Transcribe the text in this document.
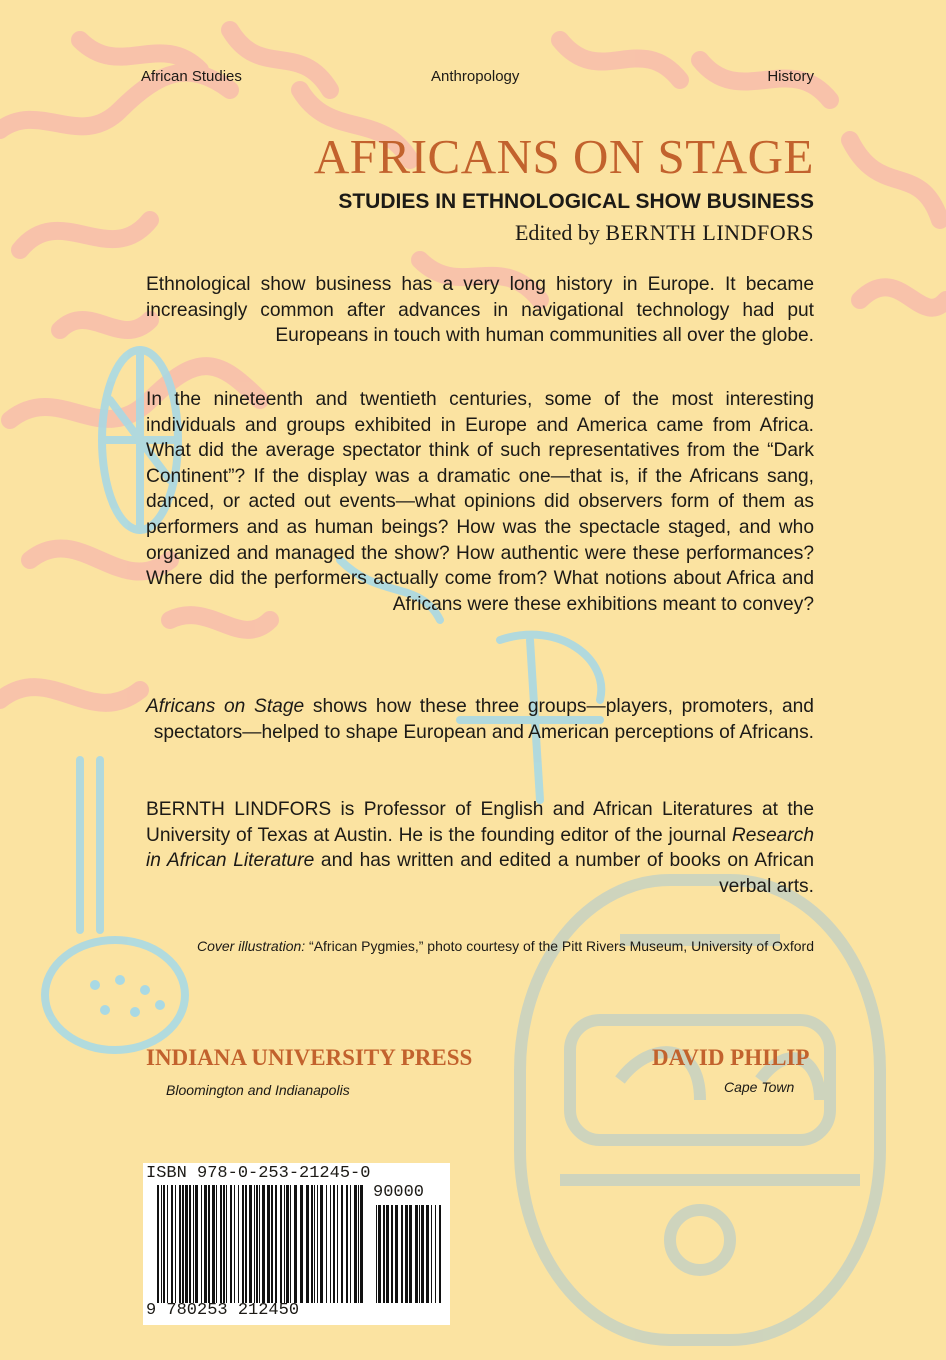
African Studies	Anthropology	History
AFRICANS ON STAGE
STUDIES IN ETHNOLOGICAL SHOW BUSINESS
Edited by BERNTH LINDFORS

Ethnological show business has a very long history in Europe. It became increasingly common after advances in navigational technology had put Europeans in touch with human communities all over the globe.

In the nineteenth and twentieth centuries, some of the most interesting individuals and groups exhibited in Europe and America came from Africa. What did the average spectator think of such representatives from the “Dark Continent”? If the display was a dramatic one—that is, if the Africans sang, danced, or acted out events—what opinions did observers form of them as performers and as human beings? How was the spectacle staged, and who organized and managed the show? How authentic were these performances? Where did the performers actually come from? What notions about Africa and Africans were these exhibitions meant to convey?

Africans on Stage shows how these three groups—players, promoters, and spectators—helped to shape European and American perceptions of Africans.

BERNTH LINDFORS is Professor of English and African Literatures at the University of Texas at Austin. He is the founding editor of the journal Research in African Literature and has written and edited a number of books on African verbal arts.

Cover illustration: “African Pygmies,” photo courtesy of the Pitt Rivers Museum, University of Oxford
INDIANA UNIVERSITY PRESS
Bloomington and Indianapolis
DAVID PHILIP
Cape Town
ISBN 978-0-253-21245-0
90000
9 780253 212450
